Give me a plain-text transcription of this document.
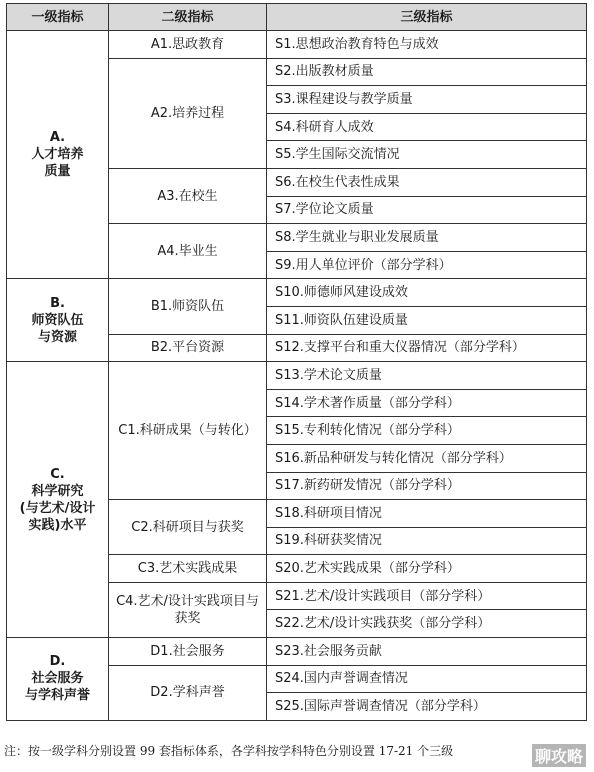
一级指标	二级指标	三级指标

A.
人才培养
质量	A1.思政教育	S1.思想政治教育特色与成效
	A2.培养过程	S2.出版教材质量
		S3.课程建设与教学质量
		S4.科研育人成效
		S5.学生国际交流情况
	A3.在校生	S6.在校生代表性成果
		S7.学位论文质量
	A4.毕业生	S8.学生就业与职业发展质量
		S9.用人单位评价（部分学科）

B.
师资队伍
与资源	B1.师资队伍	S10.师德师风建设成效
		S11.师资队伍建设质量
	B2.平台资源	S12.支撑平台和重大仪器情况（部分学科）

C.
科学研究
(与艺术/设计
实践)水平	C1.科研成果（与转化）	S13.学术论文质量
		S14.学术著作质量（部分学科）
		S15.专利转化情况（部分学科）
		S16.新品种研发与转化情况（部分学科）
		S17.新药研发情况（部分学科）
	C2.科研项目与获奖	S18.科研项目情况
		S19.科研获奖情况
	C3.艺术实践成果	S20.艺术实践成果（部分学科）
	C4.艺术/设计实践项目与获奖	S21.艺术/设计实践项目（部分学科）
		S22.艺术/设计实践获奖（部分学科）

D.
社会服务
与学科声誉	D1.社会服务	S23.社会服务贡献
	D2.学科声誉	S24.国内声誉调查情况
		S25.国际声誉调查情况（部分学科）
注：按一级学科分别设置 99 套指标体系，各学科按学科特色分别设置 17-21 个三级	聊攻略
